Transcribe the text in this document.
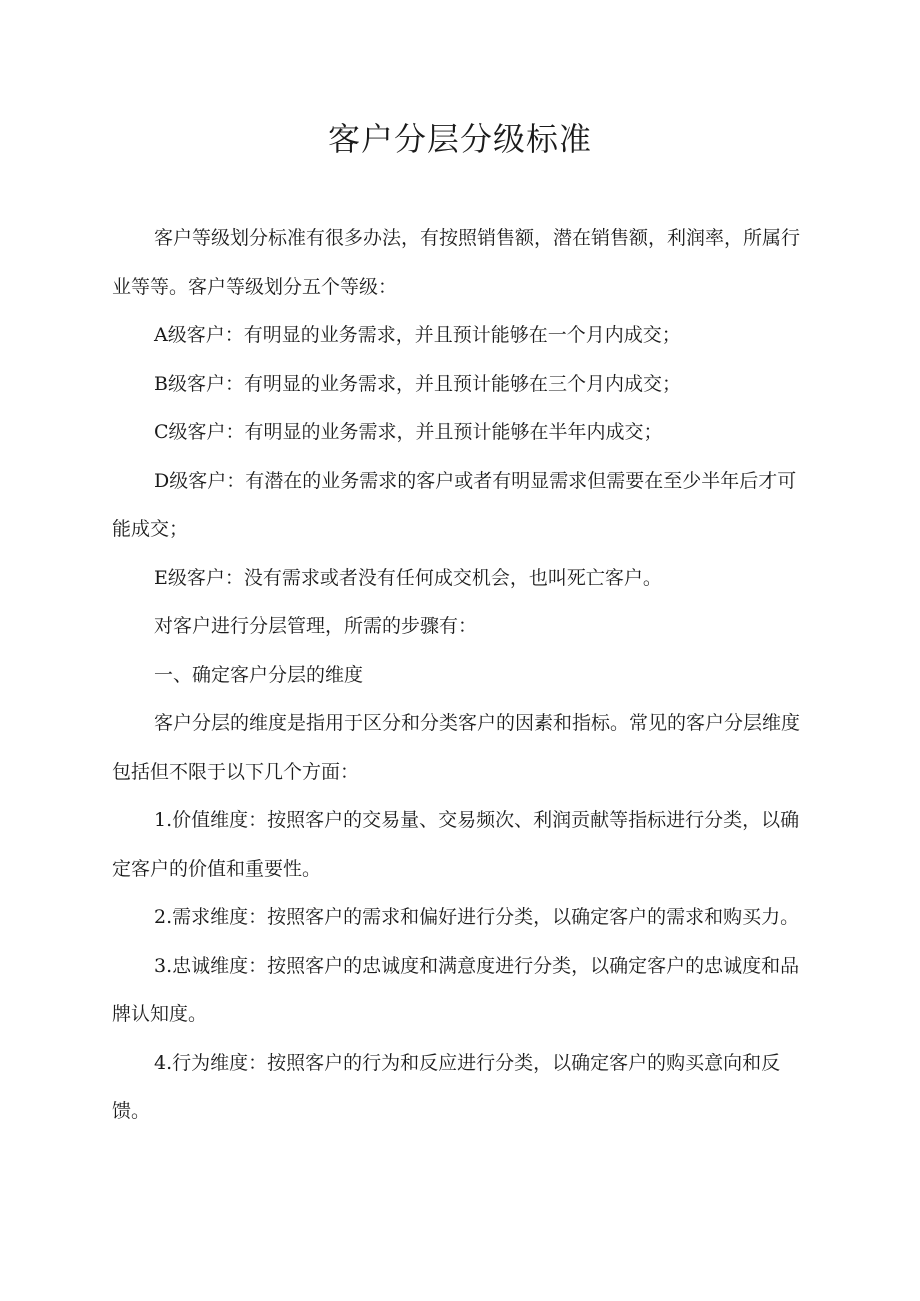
客户分层分级标准

客户等级划分标准有很多办法，有按照销售额，潜在销售额，利润率，所属行业等等。客户等级划分五个等级：

A级客户：有明显的业务需求，并且预计能够在一个月内成交；

B级客户：有明显的业务需求，并且预计能够在三个月内成交；

C级客户：有明显的业务需求，并且预计能够在半年内成交；

D级客户：有潜在的业务需求的客户或者有明显需求但需要在至少半年后才可能成交；

E级客户：没有需求或者没有任何成交机会，也叫死亡客户。

对客户进行分层管理，所需的步骤有：

一、确定客户分层的维度

客户分层的维度是指用于区分和分类客户的因素和指标。常见的客户分层维度包括但不限于以下几个方面：

1.价值维度：按照客户的交易量、交易频次、利润贡献等指标进行分类，以确定客户的价值和重要性。

2.需求维度：按照客户的需求和偏好进行分类，以确定客户的需求和购买力。

3.忠诚维度：按照客户的忠诚度和满意度进行分类，以确定客户的忠诚度和品牌认知度。

4.行为维度：按照客户的行为和反应进行分类，以确定客户的购买意向和反馈。
